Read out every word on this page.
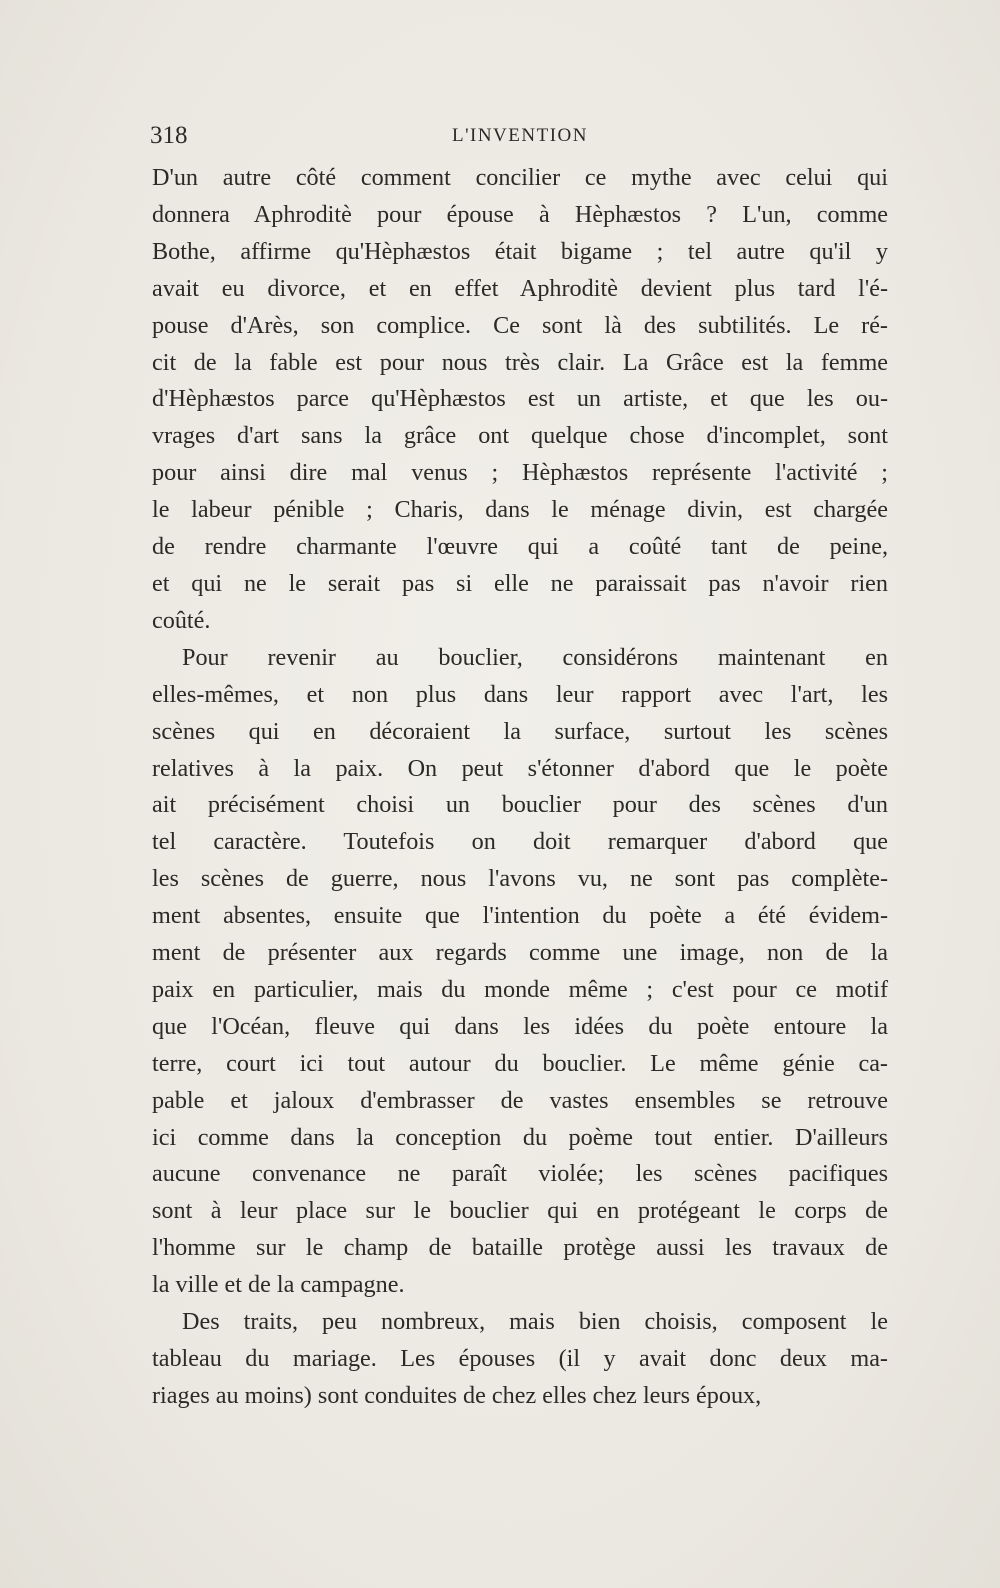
318	L'INVENTION
D'un autre côté comment concilier ce mythe avec celui qui
donnera Aphroditè pour épouse à Hèphæstos ? L'un, comme
Bothe, affirme qu'Hèphæstos était bigame ; tel autre qu'il y
avait eu divorce, et en effet Aphroditè devient plus tard l'é-
pouse d'Arès, son complice. Ce sont là des subtilités. Le ré-
cit de la fable est pour nous très clair. La Grâce est la femme
d'Hèphæstos parce qu'Hèphæstos est un artiste, et que les ou-
vrages d'art sans la grâce ont quelque chose d'incomplet, sont
pour ainsi dire mal venus ; Hèphæstos représente l'activité ;
le labeur pénible ; Charis, dans le ménage divin, est chargée
de rendre charmante l'œuvre qui a coûté tant de peine,
et qui ne le serait pas si elle ne paraissait pas n'avoir rien
coûté.
Pour revenir au bouclier, considérons maintenant en
elles-mêmes, et non plus dans leur rapport avec l'art, les
scènes qui en décoraient la surface, surtout les scènes
relatives à la paix. On peut s'étonner d'abord que le poète
ait précisément choisi un bouclier pour des scènes d'un
tel caractère. Toutefois on doit remarquer d'abord que
les scènes de guerre, nous l'avons vu, ne sont pas complète-
ment absentes, ensuite que l'intention du poète a été évidem-
ment de présenter aux regards comme une image, non de la
paix en particulier, mais du monde même ; c'est pour ce motif
que l'Océan, fleuve qui dans les idées du poète entoure la
terre, court ici tout autour du bouclier. Le même génie ca-
pable et jaloux d'embrasser de vastes ensembles se retrouve
ici comme dans la conception du poème tout entier. D'ailleurs
aucune convenance ne paraît violée; les scènes pacifiques
sont à leur place sur le bouclier qui en protégeant le corps de
l'homme sur le champ de bataille protège aussi les travaux de
la ville et de la campagne.
Des traits, peu nombreux, mais bien choisis, composent le
tableau du mariage. Les épouses (il y avait donc deux ma-
riages au moins) sont conduites de chez elles chez leurs époux,
